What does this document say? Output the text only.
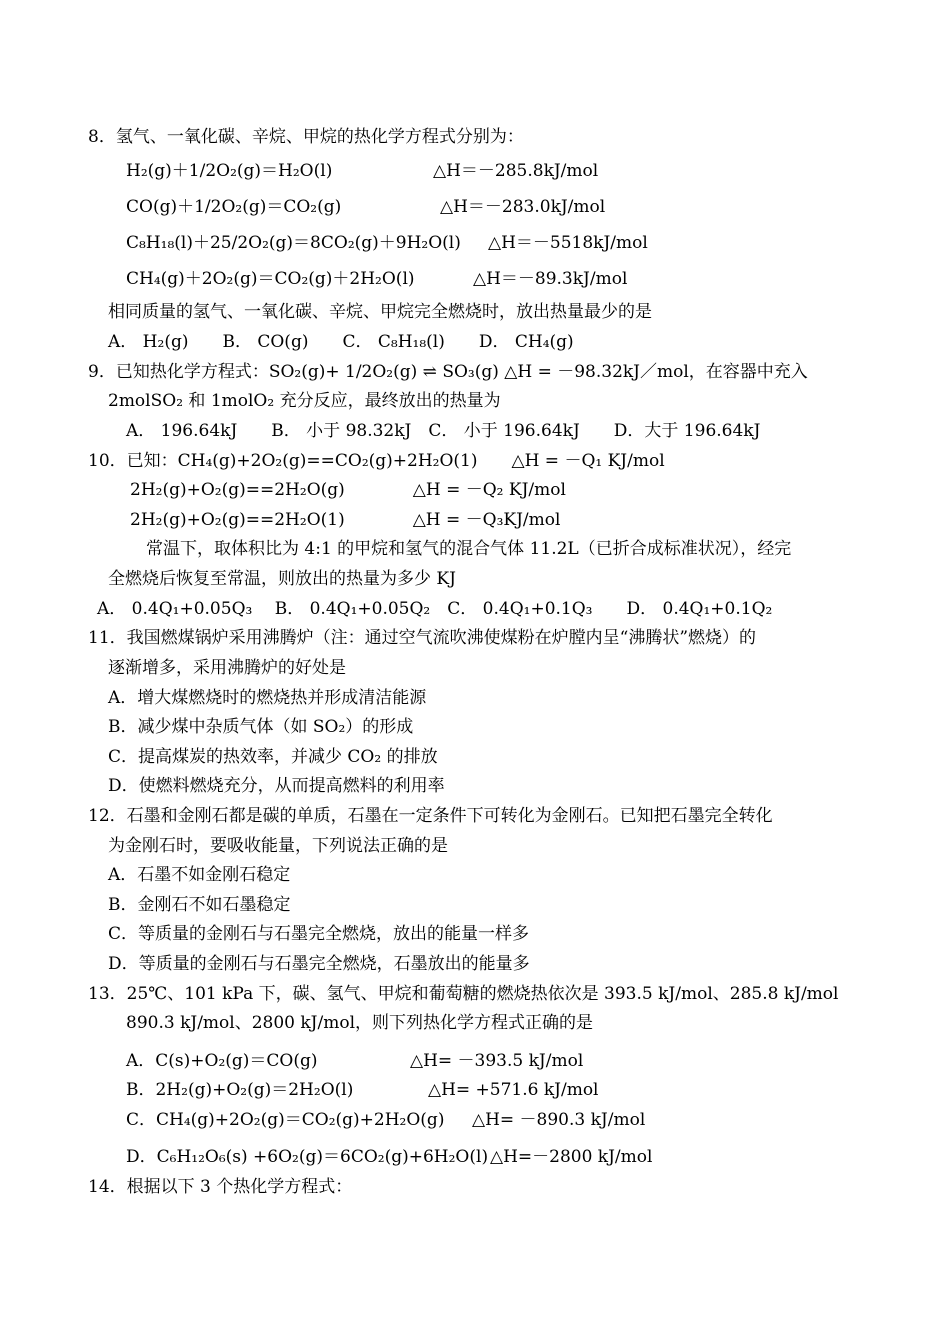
8．氢气、一氧化碳、辛烷、甲烷的热化学方程式分别为：
H₂(g)＋1/2O₂(g)＝H₂O(l)	△H＝－285.8kJ/mol
CO(g)＋1/2O₂(g)＝CO₂(g)	△H＝－283.0kJ/mol
C₈H₁₈(l)＋25/2O₂(g)＝8CO₂(g)＋9H₂O(l) △H＝－5518kJ/mol
CH₄(g)＋2O₂(g)＝CO₂(g)＋2H₂O(l)	△H＝－89.3kJ/mol
相同质量的氢气、一氧化碳、辛烷、甲烷完全燃烧时，放出热量最少的是
A． H₂(g)　　B． CO(g)　　C． C₈H₁₈(l)　　D． CH₄(g)
9．已知热化学方程式：SO₂(g)+ 1/2O₂(g) ⇌ SO₃(g) △H = －98.32kJ／mol，在容器中充入
2molSO₂ 和 1molO₂ 充分反应，最终放出的热量为
A． 196.64kJ　　B． 小于 98.32kJ　C． 小于 196.64kJ　　D．大于 196.64kJ
10．已知：CH₄(g)+2O₂(g)==CO₂(g)+2H₂O(1)　　△H = －Q₁ KJ/mol
2H₂(g)+O₂(g)==2H₂O(g)　　　　△H = －Q₂ KJ/mol
2H₂(g)+O₂(g)==2H₂O(1)　　　　△H = －Q₃KJ/mol
常温下，取体积比为 4:1 的甲烷和氢气的混合气体 11.2L（已折合成标准状况），经完
全燃烧后恢复至常温，则放出的热量为多少 KJ
A． 0.4Q₁+0.05Q₃　 B． 0.4Q₁+0.05Q₂　C． 0.4Q₁+0.1Q₃　　D． 0.4Q₁+0.1Q₂
11．我国燃煤锅炉采用沸腾炉（注：通过空气流吹沸使煤粉在炉膛内呈“沸腾状”燃烧）的
逐渐增多，采用沸腾炉的好处是
A．增大煤燃烧时的燃烧热并形成清洁能源
B．减少煤中杂质气体（如 SO₂）的形成
C．提高煤炭的热效率，并减少 CO₂ 的排放
D．使燃料燃烧充分，从而提高燃料的利用率
12．石墨和金刚石都是碳的单质，石墨在一定条件下可转化为金刚石。已知把石墨完全转化
为金刚石时，要吸收能量，下列说法正确的是
A．石墨不如金刚石稳定
B．金刚石不如石墨稳定
C．等质量的金刚石与石墨完全燃烧，放出的能量一样多
D．等质量的金刚石与石墨完全燃烧，石墨放出的能量多
13．25℃、101 kPa 下，碳、氢气、甲烷和葡萄糖的燃烧热依次是 393.5 kJ/mol、285.8 kJ/mol
890.3 kJ/mol、2800 kJ/mol，则下列热化学方程式正确的是
A．C(s)+O₂(g)＝CO(g)	△H= －393.5 kJ/mol
B．2H₂(g)+O₂(g)＝2H₂O(l)	△H= +571.6 kJ/mol
C．CH₄(g)+2O₂(g)＝CO₂(g)+2H₂O(g) △H= －890.3 kJ/mol
D．C₆H₁₂O₆(s) +6O₂(g)＝6CO₂(g)+6H₂O(l) △H=－2800 kJ/mol
14．根据以下 3 个热化学方程式：
